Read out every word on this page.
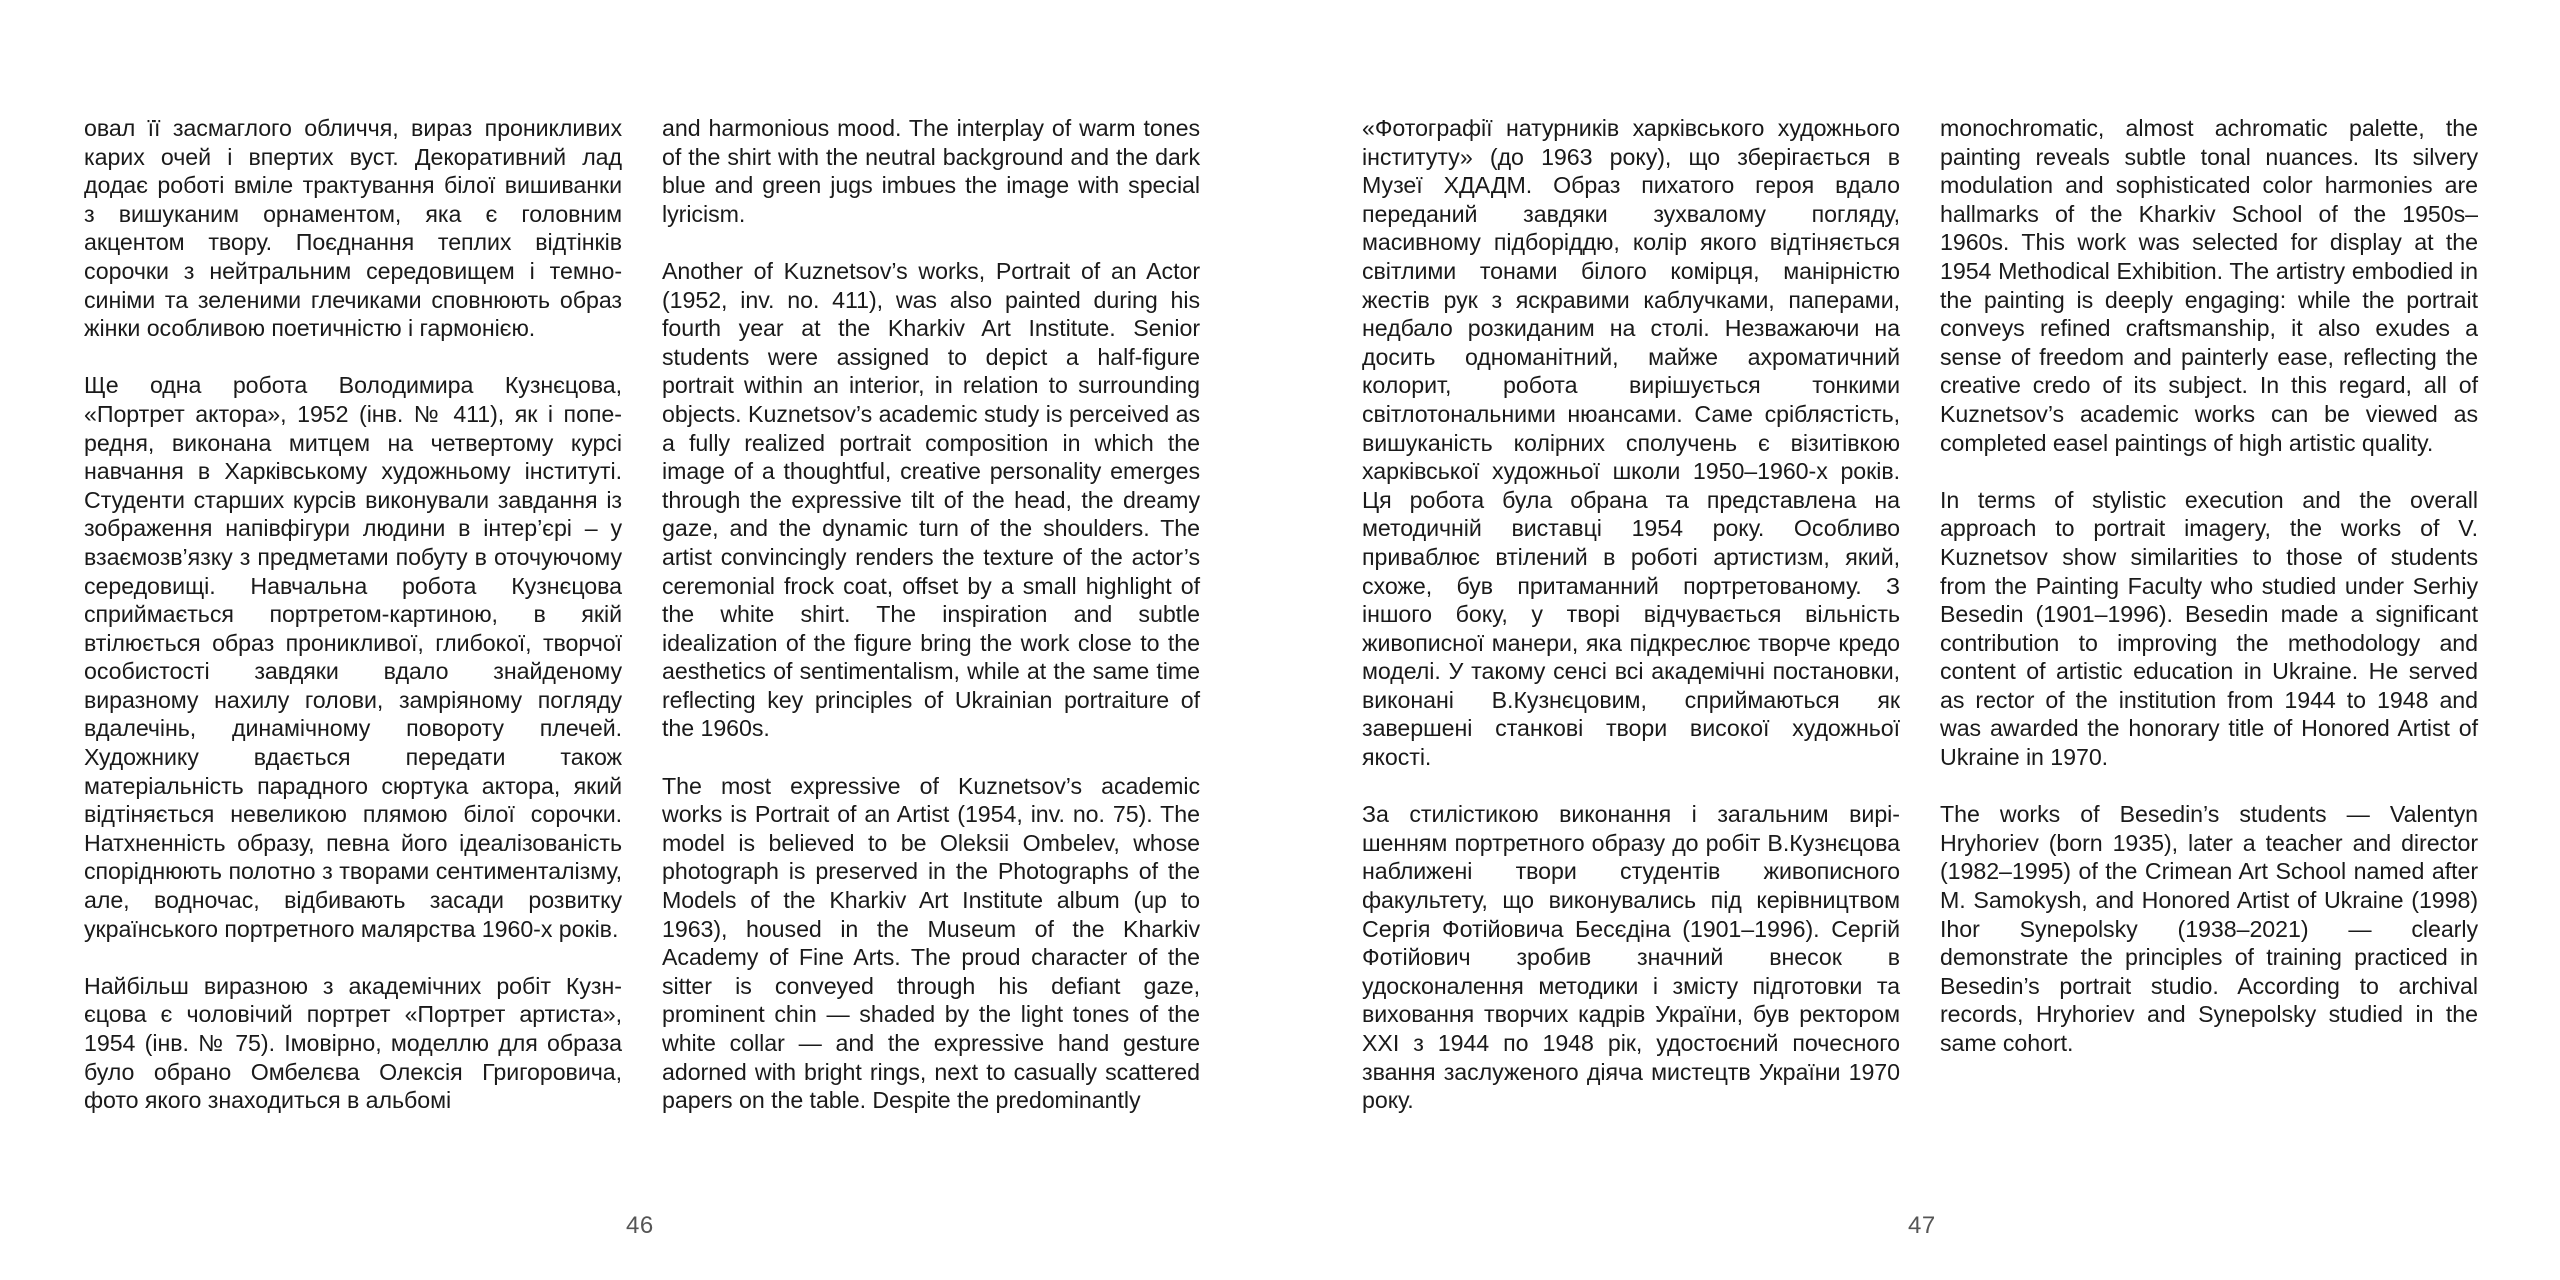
овал її засмаглого обличчя, вираз проникливих карих очей і впертих вуст. Декоративний лад додає роботі вміле трактування білої вишиванки з вишуканим орнаментом, яка є головним акцентом твору. Поєднання теплих відтінків сорочки з нейтральним середовищем і темно-синіми та зеленими глечиками сповнюють образ жінки особливою поетичністю і гармонією.

Ще одна робота Володимира Кузнєцова, «Портрет актора», 1952 (інв. № 411), як і попередня, виконана митцем на четвертому курсі навчання в Харківському художньому інституті. Студенти старших курсів виконували завдання із зображення напівфігури людини в інтер’єрі – у взаємозв’язку з предметами побуту в оточуючому середовищі. Навчальна робота Кузнєцова сприймається портретом-картиною, в якій втілюється образ проникливої, глибокої, творчої особистості завдяки вдало знайденому виразному нахилу голови, замріяному погляду вдалечінь, динамічному повороту плечей. Художнику вдається передати також матеріальність парадного сюртука актора, який відтіняється невеликою плямою білої сорочки. Натхненність образу, певна його ідеалізованість споріднюють полотно з творами сентименталізму, але, водночас, відбивають засади розвитку українського портретного малярства 1960-х років.

Найбільш виразною з академічних робіт Кузнєцова є чоловічий портрет «Портрет артиста», 1954 (інв. № 75). Імовірно, моделлю для образа було обрано Омбелєва Олексія Григоровича, фото якого знаходиться в альбомі

and harmonious mood. The interplay of warm tones of the shirt with the neutral background and the dark blue and green jugs imbues the image with special lyricism.

Another of Kuznetsov’s works, Portrait of an Actor (1952, inv. no. 411), was also painted during his fourth year at the Kharkiv Art Institute. Senior students were assigned to depict a half-figure portrait within an interior, in relation to surrounding objects. Kuznetsov’s academic study is perceived as a fully realized portrait composition in which the image of a thoughtful, creative personality emerges through the expressive tilt of the head, the dreamy gaze, and the dynamic turn of the shoulders. The artist convincingly renders the texture of the actor’s ceremonial frock coat, offset by a small highlight of the white shirt. The inspiration and subtle idealization of the figure bring the work close to the aesthetics of sentimentalism, while at the same time reflecting key principles of Ukrainian portraiture of the 1960s.

The most expressive of Kuznetsov’s academic works is Portrait of an Artist (1954, inv. no. 75). The model is believed to be Oleksii Ombelev, whose photograph is preserved in the Photographs of the Models of the Kharkiv Art Institute album (up to 1963), housed in the Museum of the Kharkiv Academy of Fine Arts. The proud character of the sitter is conveyed through his defiant gaze, prominent chin — shaded by the light tones of the white collar — and the expressive hand gesture adorned with bright rings, next to casually scattered papers on the table. Despite the predominantly

46

«Фотографії натурників харківського художнього інституту» (до 1963 року), що зберігається в Музеї ХДАДМ. Образ пихатого героя вдало переданий завдяки зухвалому погляду, масивному підборіддю, колір якого відтіняється світлими тонами білого комірця, манірністю жестів рук з яскравими каблучками, паперами, недбало розкиданим на столі. Незважаючи на досить одноманітний, майже ахроматичний колорит, робота вирішується тонкими світлотональними нюансами. Саме сріблястість, вишуканість колірних сполучень є візитівкою харківської художньої школи 1950–1960-х років. Ця робота була обрана та представлена на методичній виставці 1954 року. Особливо приваблює втілений в роботі артистизм, який, схоже, був притаманний портретованому. З іншого боку, у творі відчувається вільність живописної манери, яка підкреслює творче кредо моделі. У такому сенсі всі академічні постановки, виконані В.Кузнєцовим, сприймаються як завершені станкові твори високої художньої якості.

За стилістикою виконання і загальним вирішенням портретного образу до робіт В.Кузнєцова наближені твори студентів живописного факультету, що виконувались під керівництвом Сергія Фотійовича Бесєдіна (1901–1996). Сергій Фотійович зробив значний внесок в удосконалення методики і змісту підготовки та виховання творчих кадрів України, був ректором ХХІ з 1944 по 1948 рік, удостоєний почесного звання заслуженого діяча мистецтв України 1970 року.

monochromatic, almost achromatic palette, the painting reveals subtle tonal nuances. Its silvery modulation and sophisticated color harmonies are hallmarks of the Kharkiv School of the 1950s–1960s. This work was selected for display at the 1954 Methodical Exhibition. The artistry embodied in the painting is deeply engaging: while the portrait conveys refined craftsmanship, it also exudes a sense of freedom and painterly ease, reflecting the creative credo of its subject. In this regard, all of Kuznetsov’s academic works can be viewed as completed easel paintings of high artistic quality.

In terms of stylistic execution and the overall approach to portrait imagery, the works of V. Kuznetsov show similarities to those of students from the Painting Faculty who studied under Serhiy Besedin (1901–1996). Besedin made a significant contribution to improving the methodology and content of artistic education in Ukraine. He served as rector of the institution from 1944 to 1948 and was awarded the honorary title of Honored Artist of Ukraine in 1970.

The works of Besedin’s students — Valentyn Hryhoriev (born 1935), later a teacher and director (1982–1995) of the Crimean Art School named after M. Samokysh, and Honored Artist of Ukraine (1998) Ihor Synepolsky (1938–2021) — clearly demonstrate the principles of training practiced in Besedin’s portrait studio. According to archival records, Hryhoriev and Synepolsky studied in the same cohort.

47
